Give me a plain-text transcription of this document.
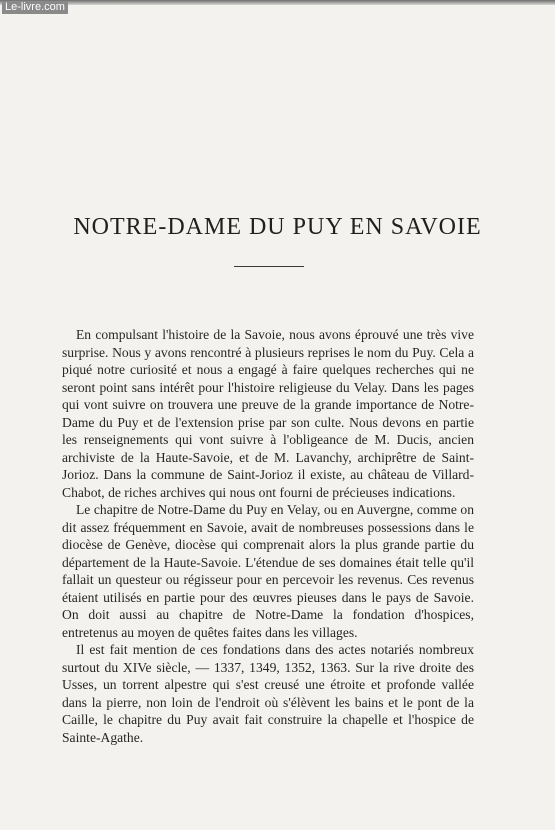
Le-livre.com
NOTRE-DAME DU PUY EN SAVOIE

En compulsant l'histoire de la Savoie, nous avons éprouvé une très vive surprise. Nous y avons rencontré à plusieurs reprises le nom du Puy. Cela a piqué notre curiosité et nous a engagé à faire quelques recherches qui ne seront point sans intérêt pour l'histoire religieuse du Velay. Dans les pages qui vont suivre on trouvera une preuve de la grande importance de Notre-Dame du Puy et de l'extension prise par son culte. Nous devons en partie les renseignements qui vont suivre à l'obligeance de M. Ducis, ancien archiviste de la Haute-Savoie, et de M. Lavanchy, archiprêtre de Saint-Jorioz. Dans la commune de Saint-Jorioz il existe, au château de Villard-Chabot, de riches archives qui nous ont fourni de précieuses indications.

Le chapitre de Notre-Dame du Puy en Velay, ou en Auvergne, comme on dit assez fréquemment en Savoie, avait de nombreuses possessions dans le diocèse de Genève, diocèse qui comprenait alors la plus grande partie du département de la Haute-Savoie. L'étendue de ses domaines était telle qu'il fallait un questeur ou régisseur pour en percevoir les revenus. Ces revenus étaient utilisés en partie pour des œuvres pieuses dans le pays de Savoie. On doit aussi au chapitre de Notre-Dame la fondation d'hospices, entretenus au moyen de quêtes faites dans les villages.

Il est fait mention de ces fondations dans des actes notariés nombreux surtout du XIVe siècle, — 1337, 1349, 1352, 1363. Sur la rive droite des Usses, un torrent alpestre qui s'est creusé une étroite et profonde vallée dans la pierre, non loin de l'endroit où s'élèvent les bains et le pont de la Caille, le chapitre du Puy avait fait construire la chapelle et l'hospice de Sainte-Agathe.
